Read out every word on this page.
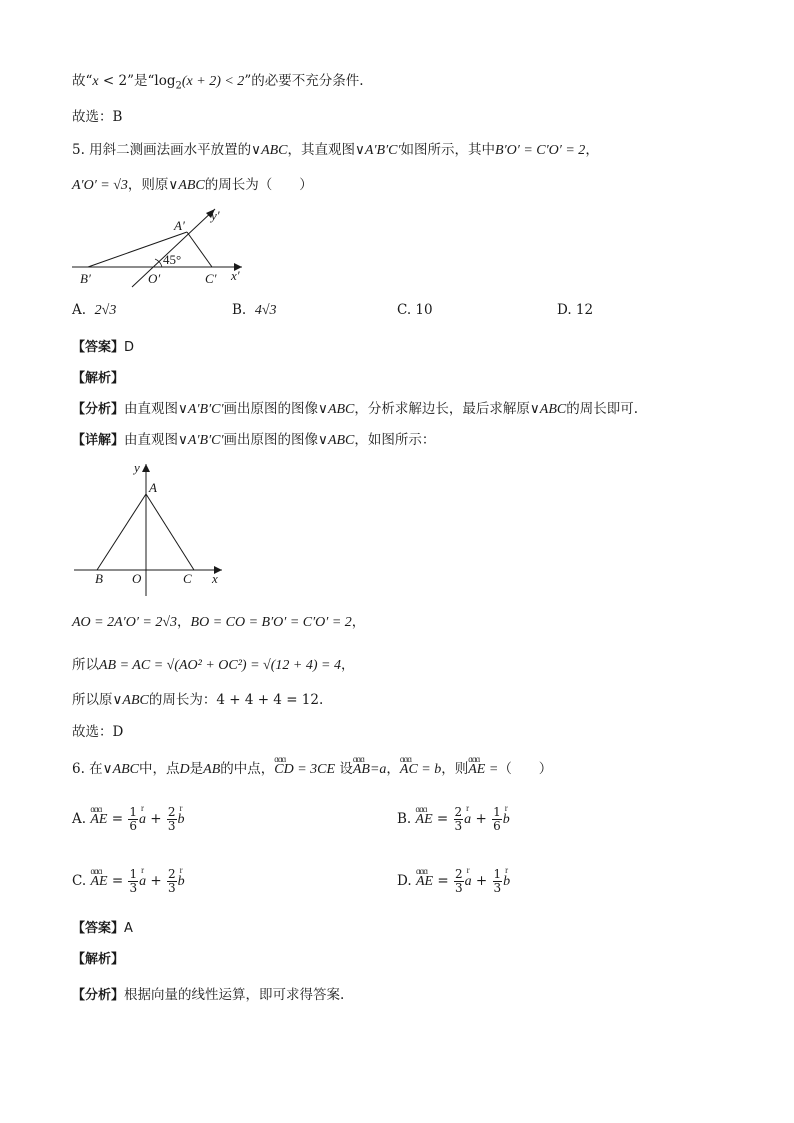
故“x < 2”是“$\log_2(x + 2) < 2$”的必要不充分条件.
故选：B
5. 用斜二测画法画水平放置的∨ABC，其直观图∨A′B′C′如图所示，其中B′O′ = C′O′ = 2，
A′O′ = √3，则原∨ABC的周长为（　　）
A′
B′	O′	C′ x′
y′
45°
A. 2√3	B. 4√3	C. 10	D. 12
【答案】D
【解析】
【分析】由直观图∨A′B′C′画出原图的图像∨ABC，分析求解边长，最后求解原∨ABC的周长即可.
【详解】由直观图∨A′B′C′画出原图的图像∨ABC，如图所示：
y
A
B O	C x
AO = 2A′O′ = 2√3，BO = CO = B′O′ = C′O′ = 2，
所以AB = AC = √(AO² + OC²) = √(12 + 4) = 4，
所以原∨ABC的周长为：4 + 4 + 4 = 12.
故选：D
6. 在∨ABC中，点D是AB的中点，ɑɑɑ CD = 3CE 设ɑɑɑ AB=a，ɑɑɑ AC = b，则ɑɑɑ AE =（　　）
A. ɑɑɑ AE = $\frac{1}{6}$ r $a + \frac{2}{3}$ r b	B. ɑɑɑ AE = $\frac{2}{3}$ r $a + \frac{1}{6}$ r b
C. ɑɑɑ AE = $\frac{1}{3}$ r $a + \frac{2}{3}$ r b	D. ɑɑɑ AE = $\frac{2}{3}$ r $a + \frac{1}{3}$ r b
【答案】A
【解析】
【分析】根据向量的线性运算，即可求得答案.
